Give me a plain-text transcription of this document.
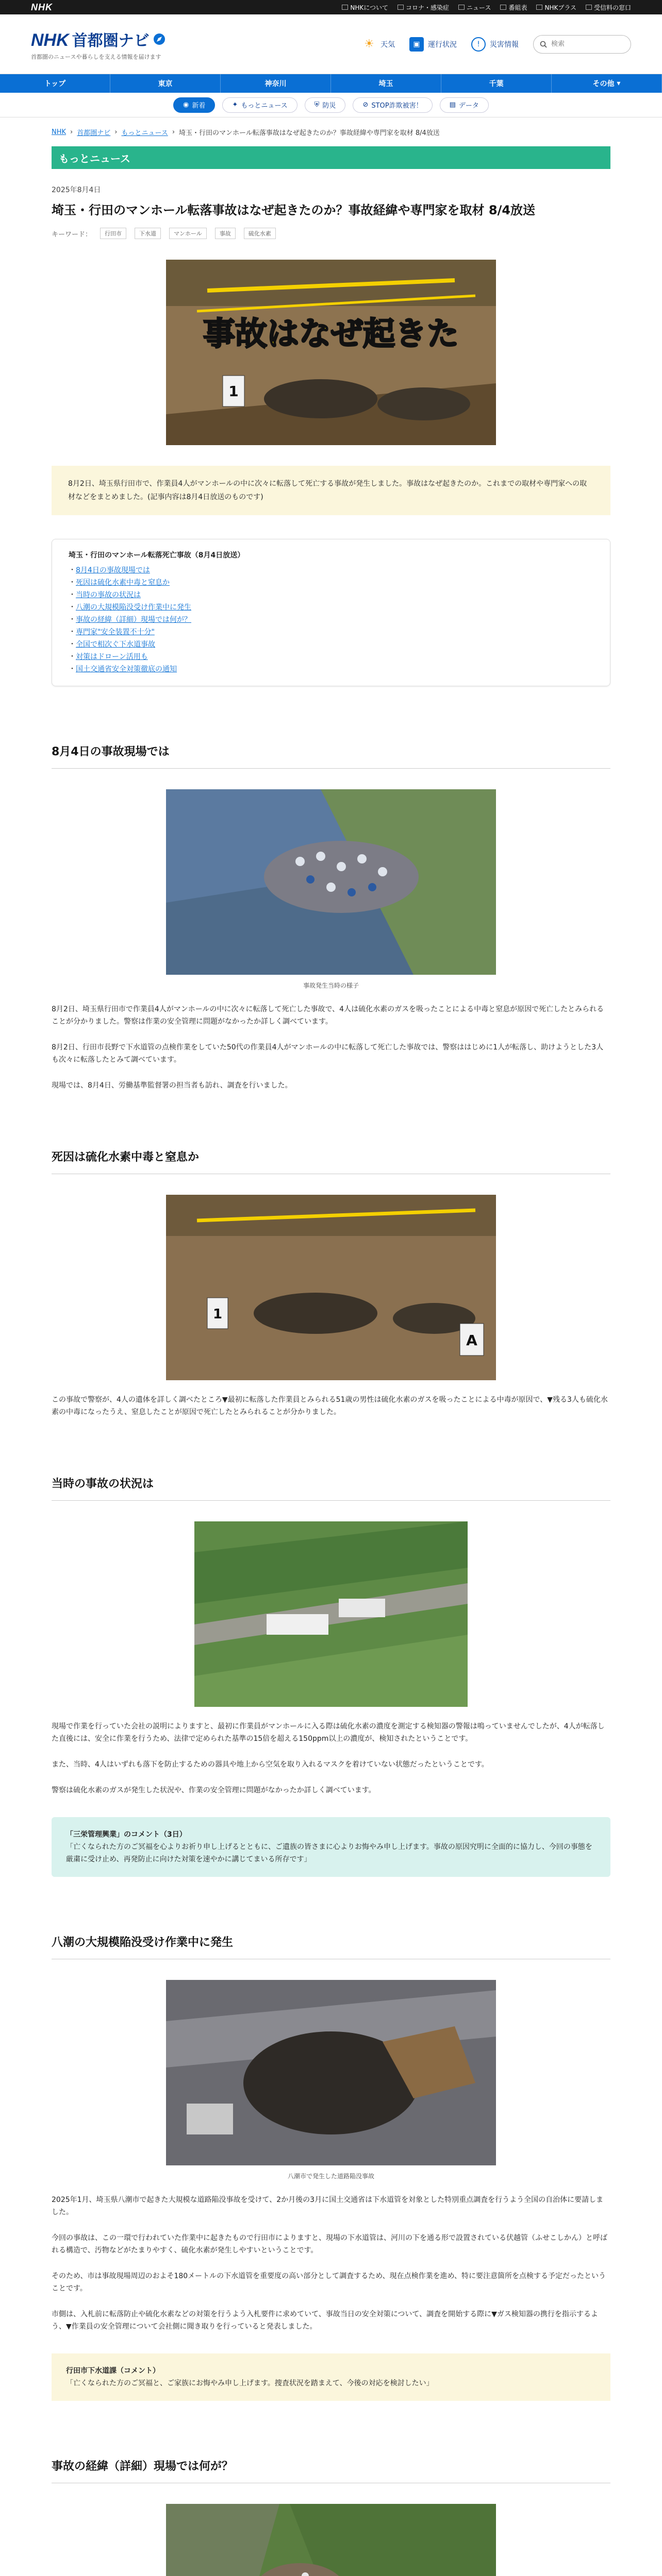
NHK	NHKについて	コロナ・感染症	ニュース	番組表	NHKプラス	受信料の窓口
NHK 首都圏ナビ
首都圏のニュースや暮らしを支える情報を届けます
☀ 天気	▣	運行状況	!	災害情報
検索
トップ	東京	神奈川	埼玉	千葉	その他 ▾
◉ 新着	✦ もっとニュース	⛨ 防災	⊘ STOP詐欺被害！	▤ データ
NHK › 首都圏ナビ › もっとニュース › 埼玉・行田のマンホール転落事故はなぜ起きたのか？事故経緯や専門家を取材 8/4放送
もっとニュース
2025年8月4日
埼玉・行田のマンホール転落事故はなぜ起きたのか？事故経緯や専門家を取材 8/4放送
キーワード：	行田市	下水道	マンホール	事故	硫化水素
1
事故はなぜ起きた
8月2日、埼玉県行田市で、作業員4人がマンホールの中に次々に転落して死亡する事故が発生しました。事故はなぜ起きたのか。これまでの取材や専門家への取材などをまとめました。(記事内容は8月4日放送のものです)
埼玉・行田のマンホール転落死亡事故（8月4日放送）
・ 8月4日の事故現場では
・ 死因は硫化水素中毒と窒息か
・ 当時の事故の状況は
・ 八潮の大規模陥没受け作業中に発生
・ 事故の経緯（詳細）現場では何が？
・ 専門家"安全装置不十分"
・ 全国で相次ぐ下水道事故
・ 対策はドローン活用も
・ 国土交通省安全対策徹底の通知
8月4日の事故現場では
事故発生当時の様子

8月2日、埼玉県行田市で作業員4人がマンホールの中に次々に転落して死亡した事故で、4人は硫化水素のガスを吸ったことによる中毒と窒息が原因で死亡したとみられることが分かりました。警察は作業の安全管理に問題がなかったか詳しく調べています。

8月2日、行田市長野で下水道管の点検作業をしていた50代の作業員4人がマンホールの中に転落して死亡した事故では、警察ははじめに1人が転落し、助けようとした3人も次々に転落したとみて調べています。

現場では、8月4日、労働基準監督署の担当者も訪れ、調査を行いました。

死因は硫化水素中毒と窒息か
1
A

この事故で警察が、4人の遺体を詳しく調べたところ▼最初に転落した作業員とみられる51歳の男性は硫化水素のガスを吸ったことによる中毒が原因で、▼残る3人も硫化水素の中毒になったうえ、窒息したことが原因で死亡したとみられることが分かりました。

当時の事故の状況は

現場で作業を行っていた会社の説明によりますと、最初に作業員がマンホールに入る際は硫化水素の濃度を測定する検知器の警報は鳴っていませんでしたが、4人が転落した直後には、安全に作業を行うため、法律で定められた基準の15倍を超える150ppm以上の濃度が、検知されたということです。

また、当時、4人はいずれも落下を防止するための器具や地上から空気を取り入れるマスクを着けていない状態だったということです。

警察は硫化水素のガスが発生した状況や、作業の安全管理に問題がなかったか詳しく調べています。

「三栄管理興業」のコメント（3日）
「亡くなられた方のご冥福を心よりお祈り申し上げるとともに、ご遺族の皆さまに心よりお悔やみ申し上げます。事故の原因究明に全面的に協力し、今回の事態を厳粛に受け止め、再発防止に向けた対策を速やかに講じてまいる所存です」
八潮の大規模陥没受け作業中に発生
八潮市で発生した道路陥没事故

2025年1月、埼玉県八潮市で起きた大規模な道路陥没事故を受けて、2か月後の3月に国土交通省は下水道管を対象とした特別重点調査を行うよう全国の自治体に要請しました。

今回の事故は、この一環で行われていた作業中に起きたもので行田市によりますと、現場の下水道管は、河川の下を通る形で設置されている伏越管（ふせこしかん）と呼ばれる構造で、汚物などがたまりやすく、硫化水素が発生しやすいということです。

そのため、市は事故現場周辺のおよそ180メートルの下水道管を重要度の高い部分として調査するため、現在点検作業を進め、特に要注意箇所を点検する予定だったということです。

市側は、入札前に転落防止や硫化水素などの対策を行うよう入札要件に求めていて、事故当日の安全対策について、調査を開始する際に▼ガス検知器の携行を指示するよう、▼作業員の安全管理について会社側に聞き取りを行っていると発表しました。

行田市下水道課（コメント）
「亡くなられた方のご冥福と、ご家族にお悔やみ申し上げます。捜査状況を踏まえて、今後の対応を検討したい」
事故の経緯（詳細）現場では何が？
